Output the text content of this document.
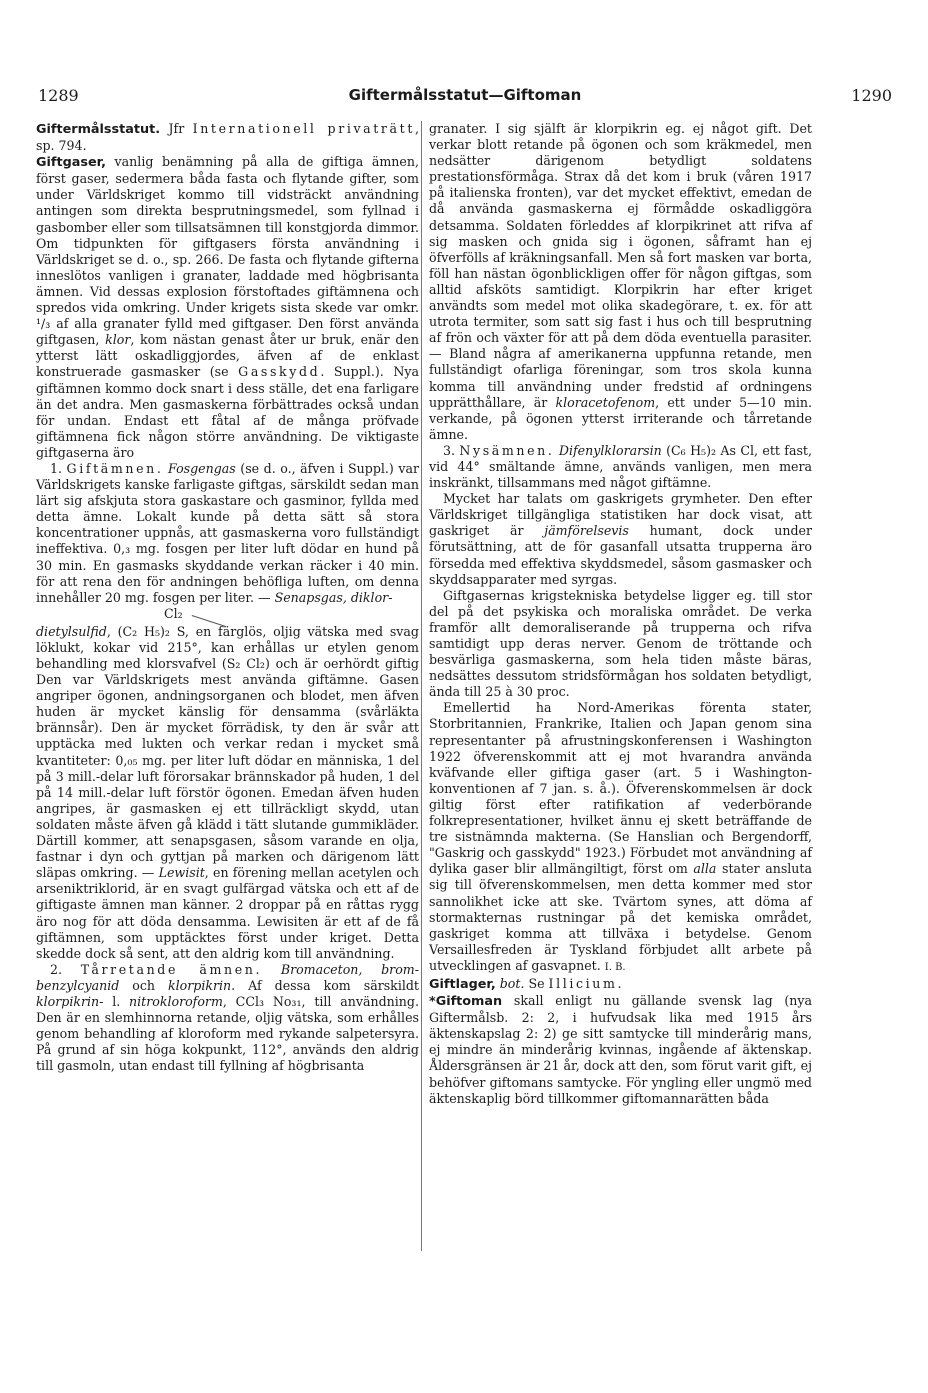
1289	Giftermålsstatut—Giftoman	1290

Giftermålsstatut. Jfr Internationell privaträtt, sp. 794.

Giftgaser, vanlig benämning på alla de giftiga ämnen, först gaser, sedermera båda fasta och flytande gifter, som under Världskriget kommo till vidsträckt användning antingen som direkta besprutningsmedel, som fyllnad i gasbomber eller som tillsatsämnen till konstgjorda dimmor. Om tidpunkten för giftgasers första användning i Världskriget se d. o., sp. 266. De fasta och flytande gifterna inneslötos vanligen i granater, laddade med högbrisanta ämnen. Vid dessas explosion förstoftades giftämnena och spredos vida omkring. Under krigets sista skede var omkr. ¹/₃ af alla granater fylld med giftgaser. Den först använda giftgasen, klor, kom nästan genast åter ur bruk, enär den ytterst lätt oskadliggjordes, äfven af de enklast konstruerade gasmasker (se Gasskydd. Suppl.). Nya giftämnen kommo dock snart i dess ställe, det ena farligare än det andra. Men gasmaskerna förbättrades också undan för undan. Endast ett fåtal af de många pröfvade giftämnena fick någon större användning. De viktigaste giftgaserna äro

1. Giftämnen. Fosgengas (se d. o., äfven i Suppl.) var Världskrigets kanske farligaste giftgas, särskildt sedan man lärt sig afskjuta stora gaskastare och gasminor, fyllda med detta ämne. Lokalt kunde på detta sätt så stora koncentrationer uppnås, att gasmaskerna voro fullständigt ineffektiva. 0,₃ mg. fosgen per liter luft dödar en hund på 30 min. En gasmasks skyddande verkan räcker i 40 min. för att rena den för andningen behöfliga luften, om denna innehåller 20 mg. fosgen per liter. — Senapsgas, diklor-

Cl₂

dietylsulfid, (C₂ H₅)₂ S, en färglös, oljig vätska med svag löklukt, kokar vid 215°, kan erhållas ur etylen genom behandling med klorsvafvel (S₂ Cl₂) och är oerhördt giftig Den var Världskrigets mest använda giftämne. Gasen angriper ögonen, andningsorganen och blodet, men äfven huden är mycket känslig för densamma (svårläkta brännsår). Den är mycket förrädisk, ty den är svår att upptäcka med lukten och verkar redan i mycket små kvantiteter: 0,₀₅ mg. per liter luft dödar en människa, 1 del på 3 mill.-delar luft förorsakar brännskador på huden, 1 del på 14 mill.-delar luft förstör ögonen. Emedan äfven huden angripes, är gasmasken ej ett tillräckligt skydd, utan soldaten måste äfven gå klädd i tätt slutande gummikläder. Därtill kommer, att senapsgasen, såsom varande en olja, fastnar i dyn och gyttjan på marken och därigenom lätt släpas omkring. — Lewisit, en förening mellan acetylen och arseniktriklorid, är en svagt gulfärgad vätska och ett af de giftigaste ämnen man känner. 2 droppar på en råttas rygg äro nog för att döda densamma. Lewisiten är ett af de få giftämnen, som upptäcktes först under kriget. Detta skedde dock så sent, att den aldrig kom till användning.

2. Tårretande ämnen. Bromaceton, brom-benzylcyanid och klorpikrin. Af dessa kom särskildt klorpikrin- l. nitrokloroform, CCl₃ No₃₁, till användning. Den är en slemhinnorna retande, oljig vätska, som erhålles genom behandling af kloroform med rykande salpetersyra. På grund af sin höga kokpunkt, 112°, används den aldrig till gasmoln, utan endast till fyllning af högbrisanta

granater. I sig själft är klorpikrin eg. ej något gift. Det verkar blott retande på ögonen och som kräkmedel, men nedsätter därigenom betydligt soldatens prestationsförmåga. Strax då det kom i bruk (våren 1917 på italienska fronten), var det mycket effektivt, emedan de då använda gasmaskerna ej förmådde oskadliggöra detsamma. Soldaten förleddes af klorpikrinet att rifva af sig masken och gnida sig i ögonen, såframt han ej öfverfölls af kräkningsanfall. Men så fort masken var borta, föll han nästan ögonblickligen offer för någon giftgas, som alltid afsköts samtidigt. Klorpikrin har efter kriget användts som medel mot olika skadegörare, t. ex. för att utrota termiter, som satt sig fast i hus och till besprutning af frön och växter för att på dem döda eventuella parasiter. — Bland några af amerikanerna uppfunna retande, men fullständigt ofarliga föreningar, som tros skola kunna komma till användning under fredstid af ordningens upprätthållare, är kloracetofenom, ett under 5—10 min. verkande, på ögonen ytterst irriterande och tårretande ämne.

3. Nysämnen. Difenylklorarsin (C₆ H₅)₂ As Cl, ett fast, vid 44° smältande ämne, används vanligen, men mera inskränkt, tillsammans med något giftämne.

Mycket har talats om gaskrigets grymheter. Den efter Världskriget tillgängliga statistiken har dock visat, att gaskriget är jämförelsevis humant, dock under förutsättning, att de för gasanfall utsatta trupperna äro försedda med effektiva skyddsmedel, såsom gasmasker och skyddsapparater med syrgas.

Giftgasernas krigstekniska betydelse ligger eg. till stor del på det psykiska och moraliska området. De verka framför allt demoraliserande på trupperna och rifva samtidigt upp deras nerver. Genom de tröttande och besvärliga gasmaskerna, som hela tiden måste bäras, nedsättes dessutom stridsförmågan hos soldaten betydligt, ända till 25 à 30 proc.

Emellertid ha Nord-Amerikas förenta stater, Storbritannien, Frankrike, Italien och Japan genom sina representanter på afrustningskonferensen i Washington 1922 öfverenskommit att ej mot hvarandra använda kväfvande eller giftiga gaser (art. 5 i Washington-konventionen af 7 jan. s. å.). Öfverenskommelsen är dock giltig först efter ratifikation af vederbörande folkrepresentationer, hvilket ännu ej skett beträffande de tre sistnämnda makterna. (Se Hanslian och Bergendorff, "Gaskrig och gasskydd" 1923.) Förbudet mot användning af dylika gaser blir allmängiltigt, först om alla stater ansluta sig till öfverenskommelsen, men detta kommer med stor sannolikhet icke att ske. Tvärtom synes, att döma af stormakternas rustningar på det kemiska området, gaskriget komma att tillväxa i betydelse. Genom Versaillesfreden är Tyskland förbjudet allt arbete på utvecklingen af gasvapnet. I. B.

Giftlager, bot. Se Illicium.

*Giftoman skall enligt nu gällande svensk lag (nya Giftermålsb. 2: 2, i hufvudsak lika med 1915 års äktenskapslag 2: 2) ge sitt samtycke till minderårig mans, ej mindre än minderårig kvinnas, ingående af äktenskap. Åldersgränsen är 21 år, dock att den, som förut varit gift, ej behöfver giftomans samtycke. För yngling eller ungmö med äktenskaplig börd tillkommer giftomannarätten båda
